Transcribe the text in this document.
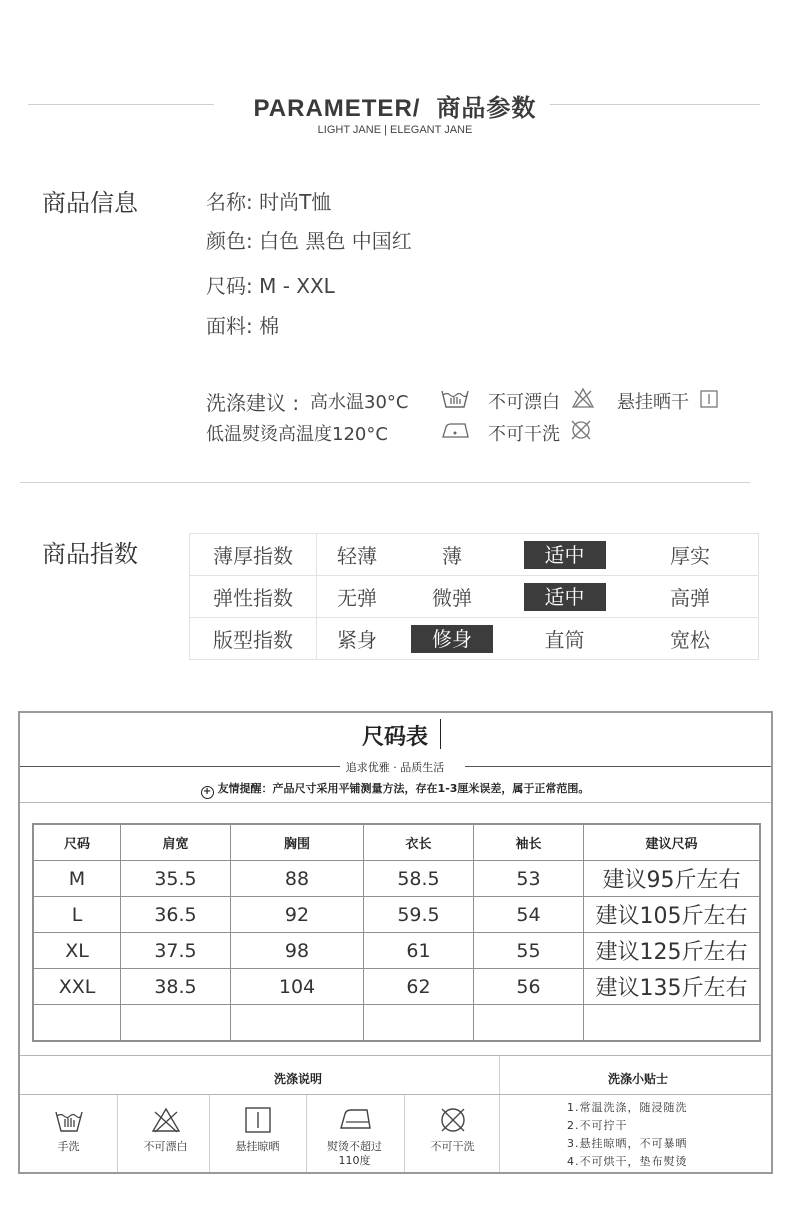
PARAMETER/ 商品参数
LIGHT JANE | ELEGANT JANE
商品信息	名称: 时尚T恤
颜色: 白色 黑色 中国红
尺码: M - XXL
面料: 棉
洗涤建议 : 高水温30°C
低温熨烫高温度120°C
不可漂白	悬挂晒干
不可干洗
商品指数	薄厚指数	轻薄	薄	适中	厚实
弹性指数	无弹	微弹	适中	高弹
版型指数	紧身	修身	直筒	宽松
尺码表
追求优雅 · 品质生活
+ 友情提醒：产品尺寸采用平铺测量方法，存在1-3厘米误差，属于正常范围。
尺码	肩宽	胸围	衣长	袖长	建议尺码
M	35.5	88	58.5	53	建议95斤左右
L	36.5	92	59.5	54	建议105斤左右
XL	37.5	98	61	55	建议125斤左右
XXL	38.5	104	62	56	建议135斤左右

洗涤说明	洗涤小贴士
手洗	不可漂白	悬挂晾晒	熨烫不超过
110度
不可干洗
1.常温洗涤，随浸随洗
2.不可拧干
3.悬挂晾晒，不可暴晒
4.不可烘干，垫布熨烫
